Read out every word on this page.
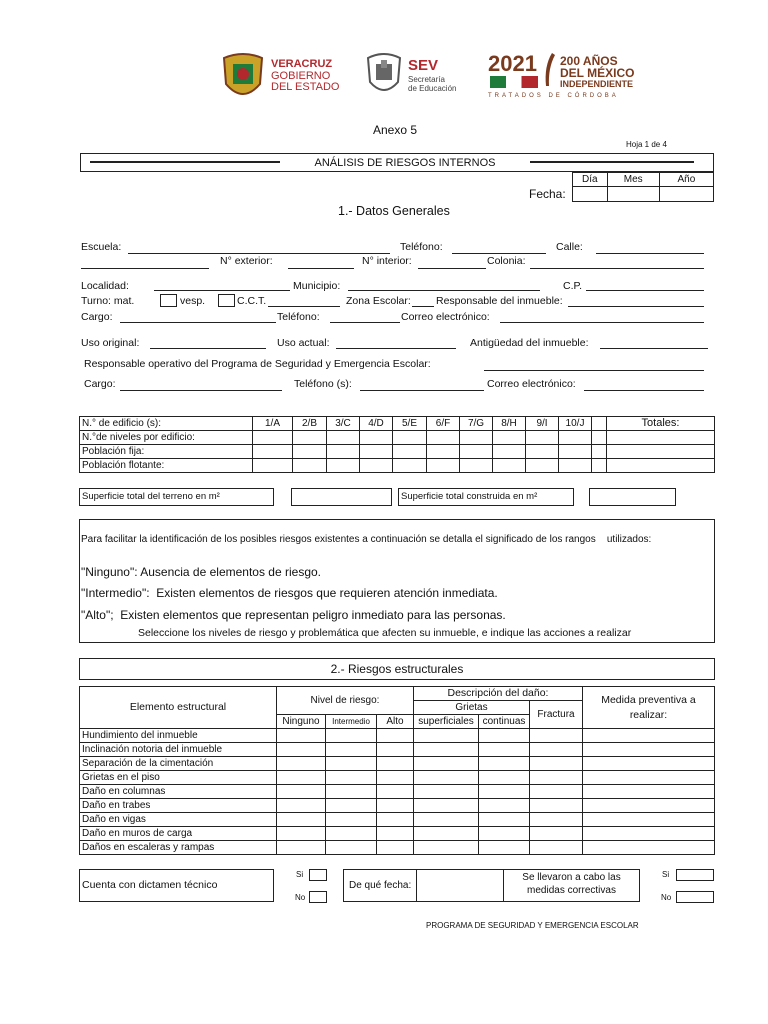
VERACRUZ
GOBIERNO
DEL ESTADO
SEV
Secretaría
de Educación
2021 200 AÑOS
DEL MÉXICO
INDEPENDIENTE
TRATADOS DE CÓRDOBA
Anexo 5
Hoja 1 de 4
ANÁLISIS DE RIESGOS INTERNOS
Fecha:
Día	Mes	Año

1.- Datos Generales
Escuela:	Teléfono:	Calle:
N° exterior:	N° interior:	Colonia:
Localidad:	Municipio:	C.P.
Turno: mat.	vesp.	C.C.T.	Zona Escolar: Responsable del inmueble:
Cargo:	Teléfono:	Correo electrónico:
Uso original:	Uso actual:	Antigüedad del inmueble:
Responsable operativo del Programa de Seguridad y Emergencia Escolar:
Cargo:	Teléfono (s):	Correo electrónico:
N.° de edificio (s):	1/A	2/B	3/C	4/D	5/E	6/F	7/G	8/H	9/I	10/J		Totales:
N.°de niveles por edificio:												
Población fija:												
Población flotante:												
Superficie total del terreno en m²	Superficie total construida en m²
Para facilitar la identificación de los posibles riesgos existentes a continuación se detalla el significado de los rangos    utilizados:
"Ninguno": Ausencia de elementos de riesgo.
"Intermedio":  Existen elementos de riesgos que requieren atención inmediata.
"Alto";  Existen elementos que representan peligro inmediato para las personas.
Seleccione los niveles de riesgo y problemática que afecten su inmueble, e indique las acciones a realizar
2.- Riesgos estructurales
Elemento estructural	Nivel de riesgo:			Descripción del daño:			Medida preventiva a realizar:
				Grietas		Fractura	
	Ninguno	Intermedio	Alto	superficiales	continuas		
Hundimiento del inmueble							
Inclinación notoria del inmueble							
Separación de la cimentación							
Grietas en el piso							
Daño en columnas							
Daño en trabes							
Daño en vigas							
Daño en muros de carga							
Daños en escaleras y rampas							
Cuenta con dictamen técnico
Si
No
De qué fecha:
Se llevaron a cabo las
medidas correctivas
Si
No
PROGRAMA DE SEGURIDAD Y EMERGENCIA ESCOLAR
